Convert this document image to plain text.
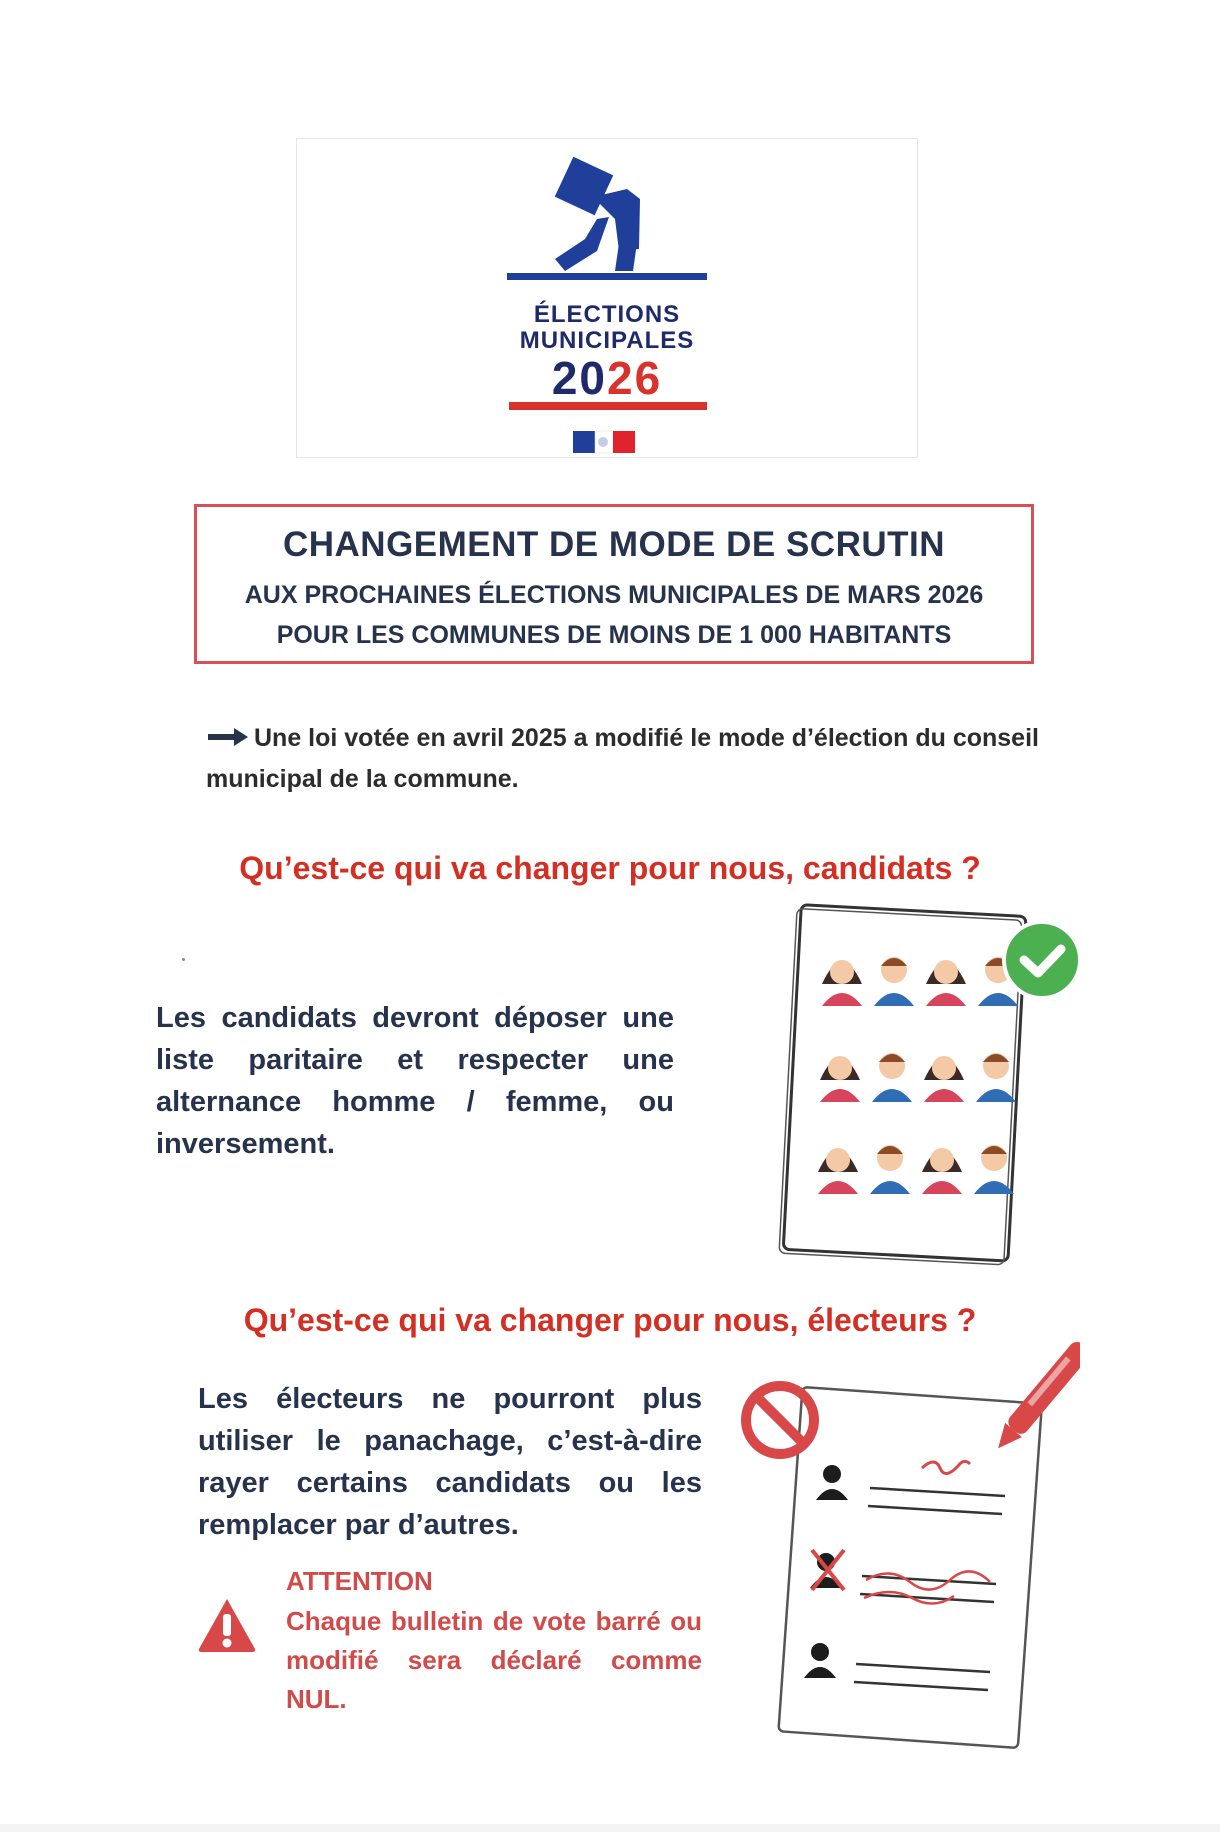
ÉLECTIONS
MUNICIPALES
2026
CHANGEMENT DE MODE DE SCRUTIN
AUX PROCHAINES ÉLECTIONS MUNICIPALES DE MARS 2026
POUR LES COMMUNES DE MOINS DE 1 000 HABITANTS
Une loi votée en avril 2025 a modifié le mode d’élection du conseil municipal de la commune.
Qu’est-ce qui va changer pour nous, candidats ?
Les candidats devront déposer une liste paritaire et respecter une alternance homme / femme, ou inversement.
Qu’est-ce qui va changer pour nous, électeurs ?
Les électeurs ne pourront plus utiliser le panachage, c’est-à-dire rayer certains candidats ou les remplacer par d’autres.
ATTENTION
Chaque bulletin de vote barré ou modifié sera déclaré comme NUL.
